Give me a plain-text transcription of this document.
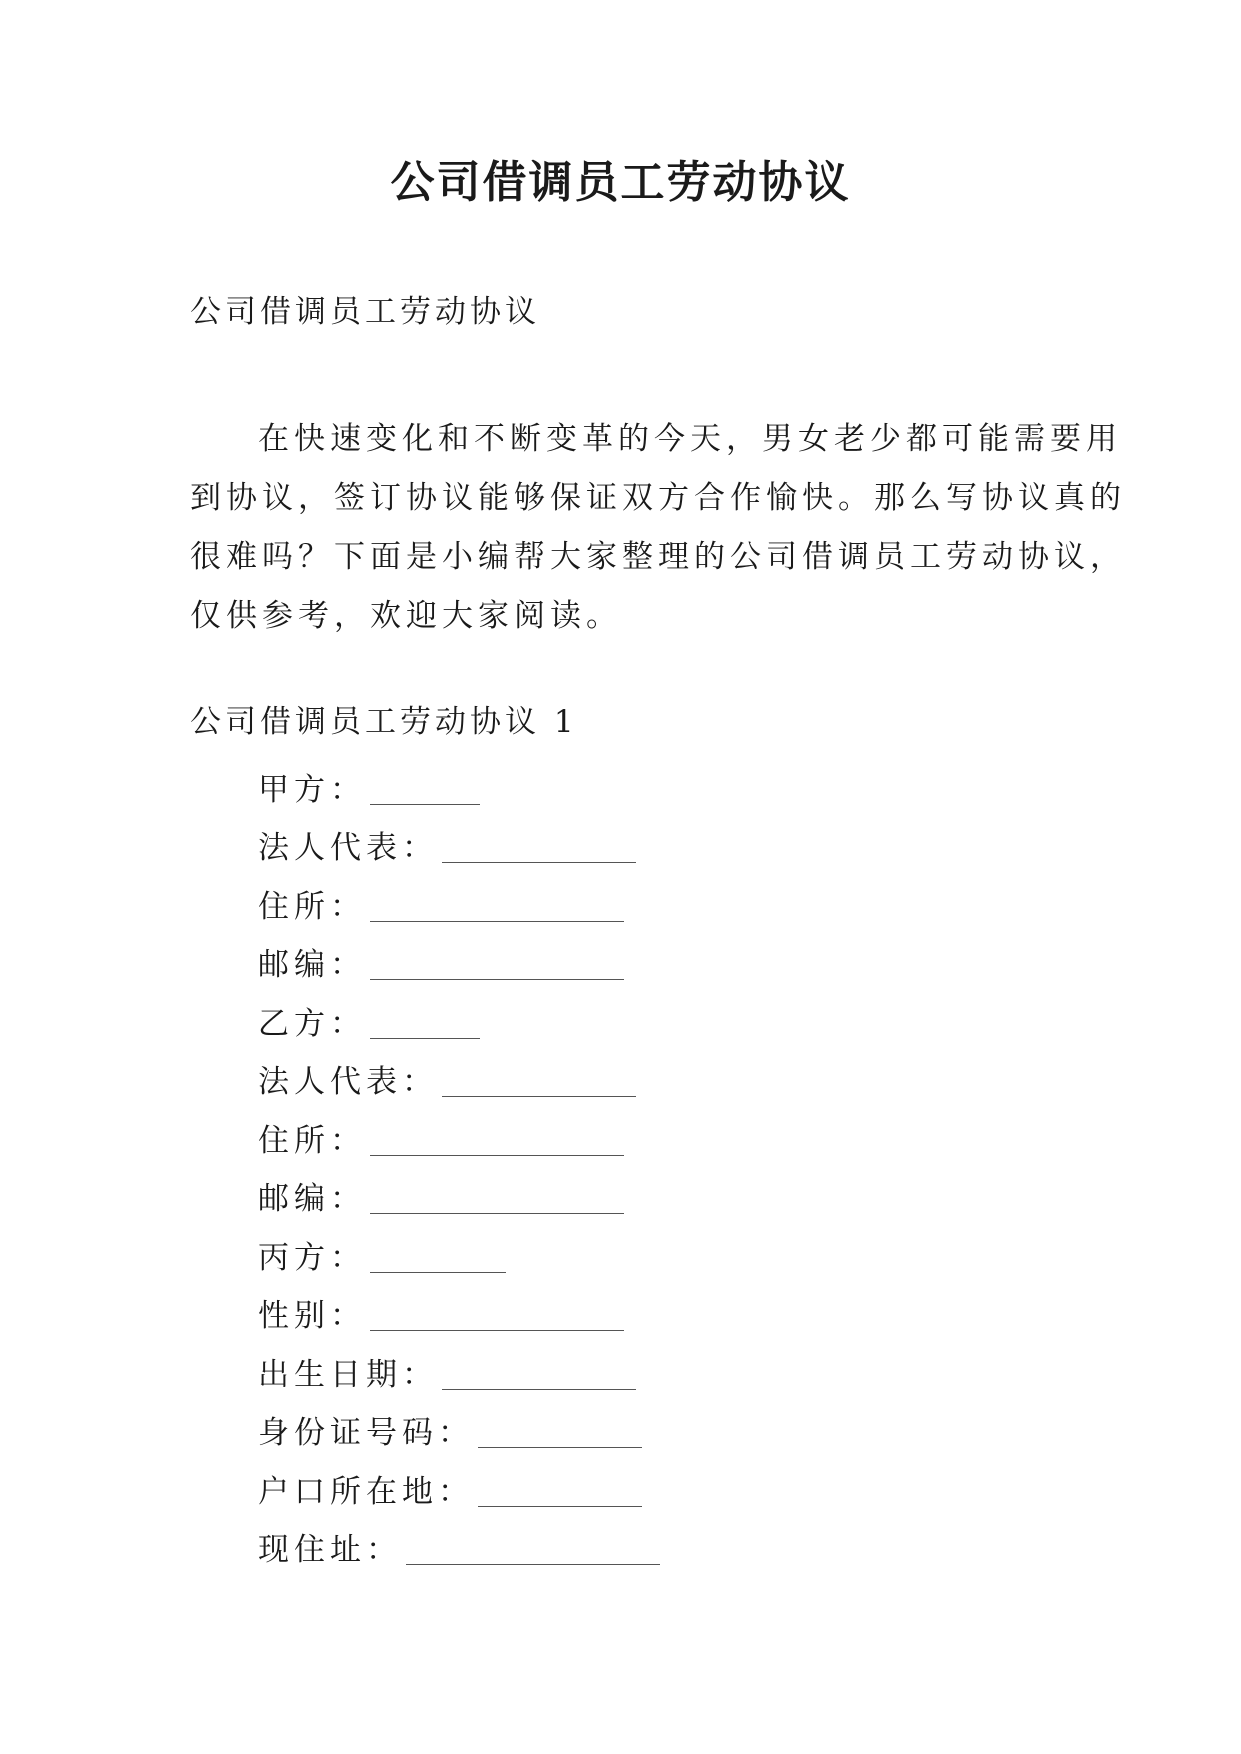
公司借调员工劳动协议

公司借调员工劳动协议

在快速变化和不断变革的今天，男女老少都可能需要用
到协议，签订协议能够保证双方合作愉快。那么写协议真的
很难吗？下面是小编帮大家整理的公司借调员工劳动协议，
仅供参考，欢迎大家阅读。

公司借调员工劳动协议 1

甲方：
法人代表：
住所：
邮编：
乙方：
法人代表：
住所：
邮编：
丙方：
性别：
出生日期：
身份证号码：
户口所在地：
现住址：
